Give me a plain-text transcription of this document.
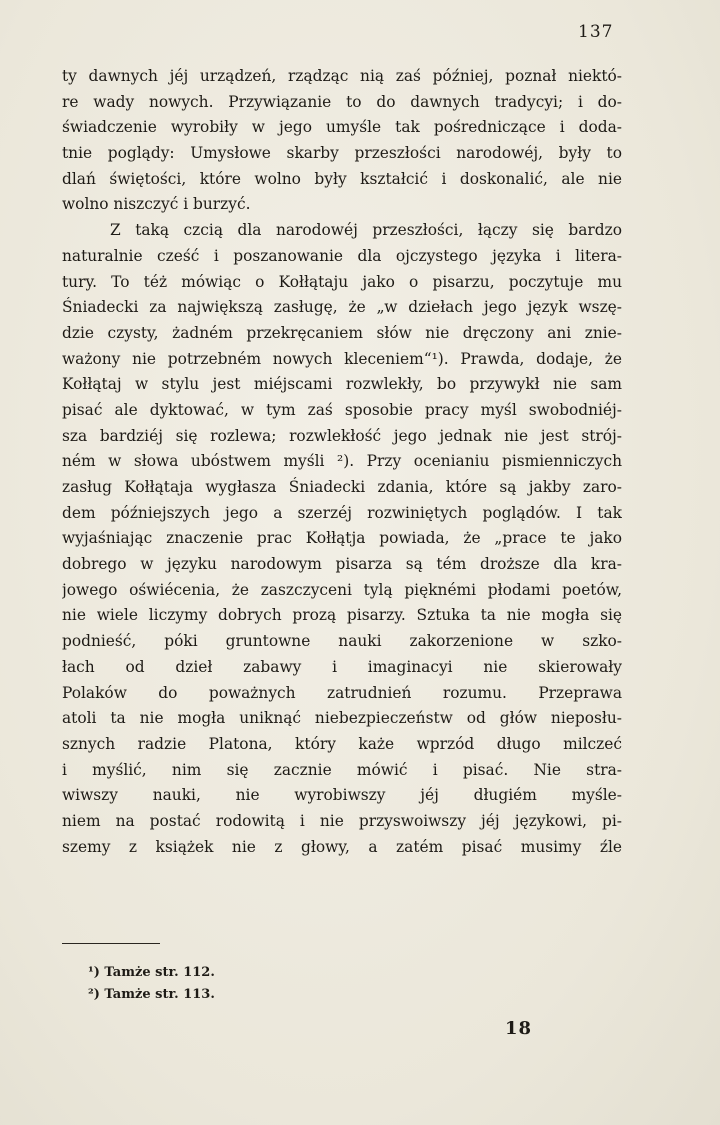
137
ty dawnych jéj urządzeń, rządząc nią zaś później, poznał niektó-
re wady nowych. Przywiązanie to do dawnych tradycyi; i do-
świadczenie wyrobiły w jego umyśle tak pośredniczące i doda-
tnie poglądy: Umysłowe skarby przeszłości narodowéj, były to
dlań świętości, które wolno były kształcić i doskonalić, ale nie
wolno niszczyć i burzyć.
Z taką czcią dla narodowéj przeszłości, łączy się bardzo
naturalnie cześć i poszanowanie dla ojczystego języka i litera-
tury. To téż mówiąc o Kołłątaju jako o pisarzu, poczytuje mu
Śniadecki za największą zasługę, że „w dziełach jego język wszę-
dzie czysty, żadném przekręcaniem słów nie dręczony ani znie-
ważony nie potrzebném nowych kleceniem“¹). Prawda, dodaje, że
Kołłątaj w stylu jest miéjscami rozwlekły, bo przywykł nie sam
pisać ale dyktować, w tym zaś sposobie pracy myśl swobodniéj-
sza bardziéj się rozlewa; rozwlekłość jego jednak nie jest strój-
ném w słowa ubóstwem myśli ²). Przy ocenianiu pismienniczych
zasług Kołłątaja wygłasza Śniadecki zdania, które są jakby zaro-
dem późniejszych jego a szerzéj rozwiniętych poglądów. I tak
wyjaśniając znaczenie prac Kołłątja powiada, że „prace te jako
dobrego w języku narodowym pisarza są tém droższe dla kra-
jowego oświécenia, że zaszczyceni tylą pięknémi płodami poetów,
nie wiele liczymy dobrych prozą pisarzy. Sztuka ta nie mogła się
podnieść, póki gruntowne nauki zakorzenione w szko-
łach od dzieł zabawy i imaginacyi nie skierowały
Polaków do poważnych zatrudnień rozumu. Przeprawa
atoli ta nie mogła uniknąć niebezpieczeństw od głów nieposłu-
sznych radzie Platona, który każe wprzód długo milczeć
i myślić, nim się zacznie mówić i pisać. Nie stra-
wiwszy nauki, nie wyrobiwszy jéj długiém myśle-
niem na postać rodowitą i nie przyswoiwszy jéj językowi, pi-
szemy z książek nie z głowy, a zatém pisać musimy źle
¹) Tamże str. 112.
²) Tamże str. 113.
18
